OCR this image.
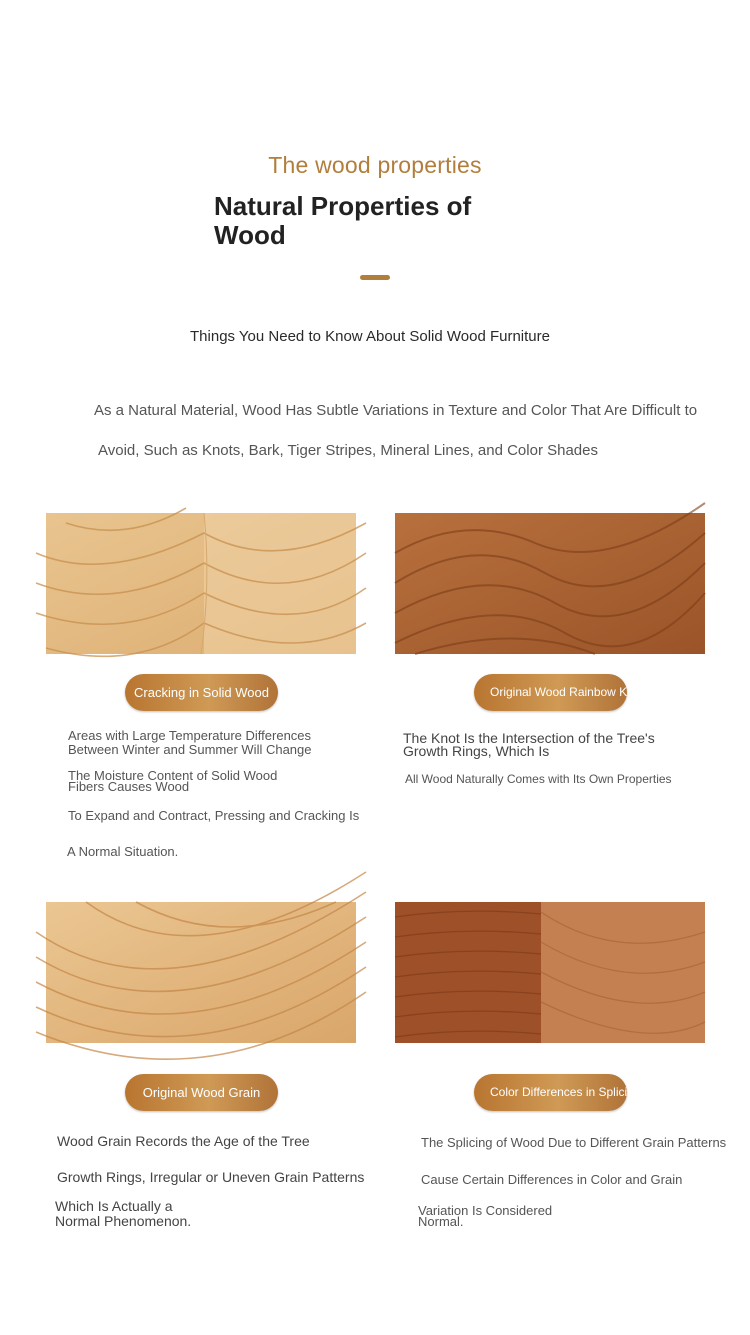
The wood properties
Natural Properties of Wood
Things You Need to Know About Solid Wood Furniture
As a Natural Material, Wood Has Subtle Variations in Texture and Color That Are Difficult to
Avoid, Such as Knots, Bark, Tiger Stripes, Mineral Lines, and Color Shades
Cracking in Solid Wood
Areas with Large Temperature Differences
Between Winter and Summer Will Change
The Moisture Content of Solid Wood
Fibers Causes Wood
To Expand and Contract, Pressing and Cracking Is
A Normal Situation.
Original Wood Rainbow Knot
The Knot Is the Intersection of the Tree's
Growth Rings, Which Is
All Wood Naturally Comes with Its Own Properties
Original Wood Grain
Wood Grain Records the Age of the Tree
Growth Rings, Irregular or Uneven Grain Patterns
Which Is Actually a
Normal Phenomenon.
Color Differences in Splicing
The Splicing of Wood Due to Different Grain Patterns
Cause Certain Differences in Color and Grain
Variation Is Considered
Normal.
